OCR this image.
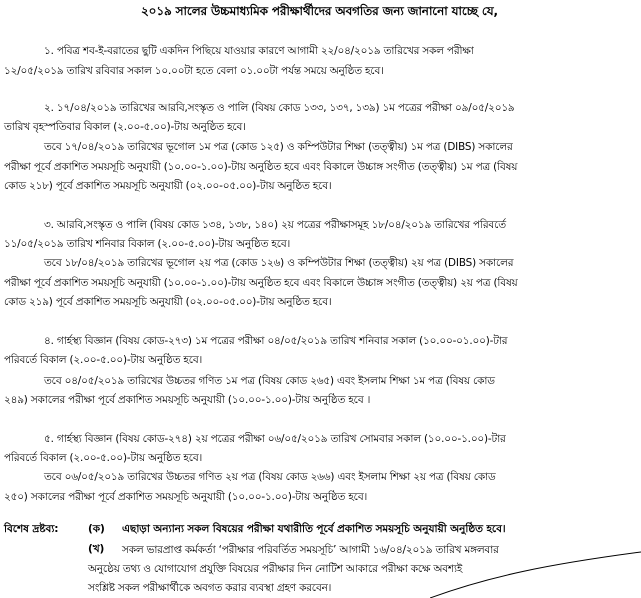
২০১৯ সালের উচ্চমাধ্যমিক পরীক্ষার্থীদের অবগতির জন্য জানানো যাচ্ছে যে,
১. পবিত্র শব-ই-বরাতের ছুটি একদিন পিছিয়ে যাওয়ার কারণে আগামী ২২/০৪/২০১৯ তারিখের সকল পরীক্ষা
১২/০৫/২০১৯ তারিখ রবিবার সকাল ১০.০০টা হতে বেলা ০১.০০টা পর্যন্ত সময়ে অনুষ্ঠিত হবে।
২. ১৭/০৪/২০১৯ তারিখের আরবি,সংস্কৃত ও পালি (বিষয় কোড ১৩৩, ১৩৭, ১৩৯) ১ম পত্রের পরীক্ষা ০৯/০৫/২০১৯
তারিখ বৃহস্পতিবার বিকাল (২.০০-৫.০০)-টায় অনুষ্ঠিত হবে।
তবে ১৭/০৪/২০১৯ তারিখের ভূগোল ১ম পত্র (কোড ১২৫) ও কম্পিউটার শিক্ষা (তত্ত্বীয়) ১ম পত্র (DIBS) সকালের
পরীক্ষা পূর্বে প্রকাশিত সময়সূচি অনুযায়ী (১০.০০-১.০০)-টায় অনুষ্ঠিত হবে এবং বিকালে উচ্চাঙ্গ সংগীত (তত্ত্বীয়) ১ম পত্র (বিষয়
কোড ২১৮) পূর্বে প্রকাশিত সময়সূচি অনুযায়ী (০২.০০-০৫.০০)-টায় অনুষ্ঠিত হবে।
৩. আরবি,সংস্কৃত ও পালি (বিষয় কোড ১৩৪, ১৩৮, ১৪০) ২য় পত্রের পরীক্ষাসমূহ ১৮/০৪/২০১৯ তারিখের পরিবর্তে
১১/০৫/২০১৯ তারিখ শনিবার বিকাল (২.০০-৫.০০)-টায় অনুষ্ঠিত হবে।
তবে ১৮/০৪/২০১৯ তারিখের ভূগোল ২য় পত্র (কোড ১২৬) ও কম্পিউটার শিক্ষা (তত্ত্বীয়) ২য় পত্র (DIBS) সকালের
পরীক্ষা পূর্বে প্রকাশিত সময়সূচি অনুযায়ী (১০.০০-১.০০)-টায় অনুষ্ঠিত হবে এবং বিকালে উচ্চাঙ্গ সংগীত (তত্ত্বীয়) ২য় পত্র (বিষয়
কোড ২১৯) পূর্বে প্রকাশিত সময়সূচি অনুযায়ী (০২.০০-০৫.০০)-টায় অনুষ্ঠিত হবে।
৪. গার্হস্থ্য বিজ্ঞান (বিষয় কোড-২৭৩) ১ম পত্রের পরীক্ষা ০৪/০৫/২০১৯ তারিখ শনিবার সকাল (১০.০০-০১.০০)-টার
পরিবর্তে বিকাল (২.০০-৫.০০)-টায় অনুষ্ঠিত হবে।
তবে ০৪/০৫/২০১৯ তারিখের উচ্চতর গণিত ১ম পত্র (বিষয় কোড ২৬৫) এবং ইসলাম শিক্ষা ১ম পত্র (বিষয় কোড
২৪৯) সকালের পরীক্ষা পূর্বে প্রকাশিত সময়সূচি অনুযায়ী (১০.০০-১.০০)-টায় অনুষ্ঠিত হবে ।
৫. গার্হস্থ্য বিজ্ঞান (বিষয় কোড-২৭৪) ২য় পত্রের পরীক্ষা ০৬/০৫/২০১৯ তারিখ সোমবার সকাল (১০.০০-১.০০)-টার
পরিবর্তে বিকাল (২.০০-৫.০০)-টায় অনুষ্ঠিত হবে।
তবে ০৬/০৫/২০১৯ তারিখের উচ্চতর গণিত ২য় পত্র (বিষয় কোড ২৬৬) এবং ইসলাম শিক্ষা ২য় পত্র (বিষয় কোড
২৫০) সকালের পরীক্ষা পূর্বে প্রকাশিত সময়সূচি অনুযায়ী (১০.০০-১.০০)-টায় অনুষ্ঠিত হবে।
বিশেষ দ্রষ্টব্য:	(ক)	এছাড়া অন্যান্য সকল বিষয়ের পরীক্ষা যথারীতি পূর্বে প্রকাশিত সময়সূচি অনুযায়ী অনুষ্ঠিত হবে।
(খ)	সকল ভারপ্রাপ্ত কর্মকর্তা ‘পরীক্ষার পরিবর্তিত সময়সূচি’ আগামী ১৬/০৪/২০১৯ তারিখ মঙ্গলবার
অনুষ্ঠেয় তথ্য ও যোগাযোগ প্রযুক্তি বিষয়ের পরীক্ষার দিন নোটিশ আকারে পরীক্ষা কক্ষে অবশ্যই
সংশ্লিষ্ট সকল পরীক্ষার্থীকে অবগত করার ব্যবস্থা গ্রহণ করবেন।
